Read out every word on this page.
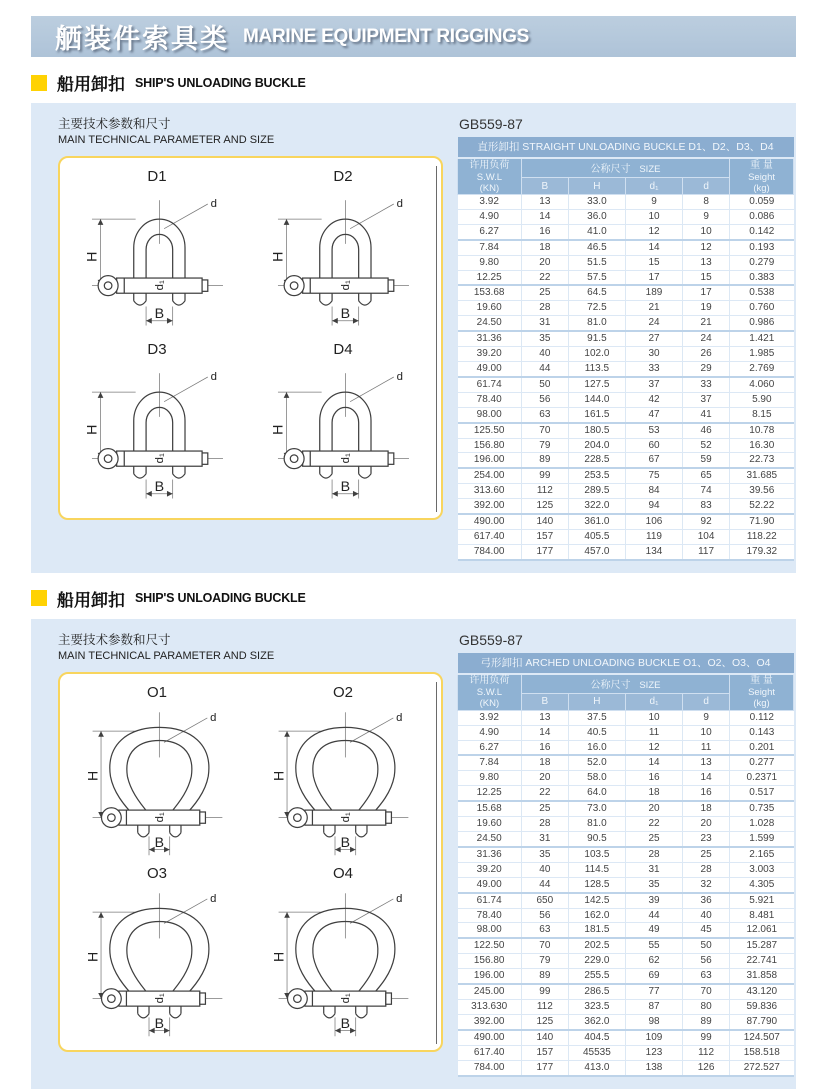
舾装件索具类 MARINE EQUIPMENT RIGGINGS
船用卸扣 SHIP'S UNLOADING BUCKLE
主要技术参数和尺寸
MAIN TECHNICAL PARAMETER AND SIZE
D1
d
H
d₁
B
D2
d
H
d₁
B
D3
d
H
d₁
B
D4
d
H
d₁
B
GB559-87
直形卸扣 STRAIGHT UNLOADING BUCKLE D1、D2、D3、D4					

许用负荷
S.W.L
(KN)
	公称尺寸 SIZE	重 量
Seight
(kg)

	B	H	d₁	d	
3.92	13	33.0	9	8	0.059
4.90	14	36.0	10	9	0.086
6.27	16	41.0	12	10	0.142
7.84	18	46.5	14	12	0.193
9.80	20	51.5	15	13	0.279
12.25	22	57.5	17	15	0.383
153.68	25	64.5	189	17	0.538
19.60	28	72.5	21	19	0.760
24.50	31	81.0	24	21	0.986
31.36	35	91.5	27	24	1.421
39.20	40	102.0	30	26	1.985
49.00	44	113.5	33	29	2.769
61.74	50	127.5	37	33	4.060
78.40	56	144.0	42	37	5.90
98.00	63	161.5	47	41	8.15
125.50	70	180.5	53	46	10.78
156.80	79	204.0	60	52	16.30
196.00	89	228.5	67	59	22.73
254.00	99	253.5	75	65	31.685
313.60	112	289.5	84	74	39.56
392.00	125	322.0	94	83	52.22
490.00	140	361.0	106	92	71.90
617.40	157	405.5	119	104	118.22
784.00	177	457.0	134	117	179.32
船用卸扣 SHIP'S UNLOADING BUCKLE
主要技术参数和尺寸
MAIN TECHNICAL PARAMETER AND SIZE
O1
d
H
d₁
B
O2
d
H
d₁
B
O3
d
H
d₁
B
O4
d
H
d₁
B
GB559-87
弓形卸扣 ARCHED UNLOADING BUCKLE O1、O2、O3、O4					

许用负荷
S.W.L
(KN)
	公称尺寸 SIZE	重 量
Seight
(kg)

	B	H	d₁	d	
3.92	13	37.5	10	9	0.112
4.90	14	40.5	11	10	0.143
6.27	16	16.0	12	11	0.201
7.84	18	52.0	14	13	0.277
9.80	20	58.0	16	14	0.2371
12.25	22	64.0	18	16	0.517
15.68	25	73.0	20	18	0.735
19.60	28	81.0	22	20	1.028
24.50	31	90.5	25	23	1.599
31.36	35	103.5	28	25	2.165
39.20	40	114.5	31	28	3.003
49.00	44	128.5	35	32	4.305
61.74	650	142.5	39	36	5.921
78.40	56	162.0	44	40	8.481
98.00	63	181.5	49	45	12.061
122.50	70	202.5	55	50	15.287
156.80	79	229.0	62	56	22.741
196.00	89	255.5	69	63	31.858
245.00	99	286.5	77	70	43.120
313.630	112	323.5	87	80	59.836
392.00	125	362.0	98	89	87.790
490.00	140	404.5	109	99	124.507
617.40	157	45535	123	112	158.518
784.00	177	413.0	138	126	272.527
